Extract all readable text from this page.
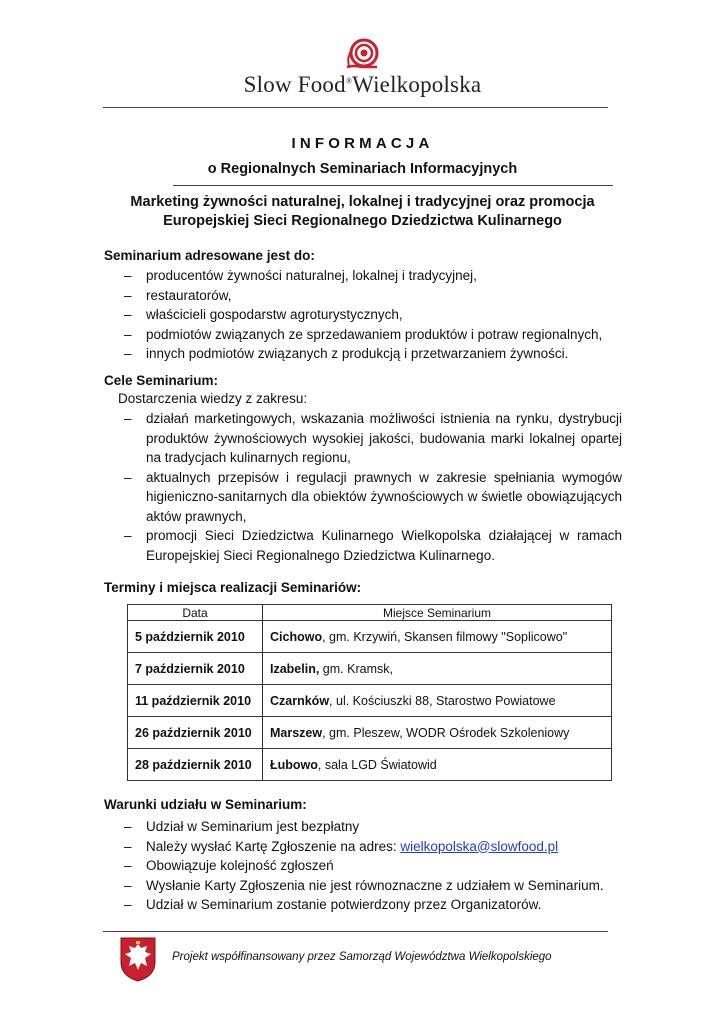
Slow Food®Wielkopolska
INFORMACJA
o Regionalnych Seminariach Informacyjnych
Marketing żywności naturalnej, lokalnej i tradycyjnej oraz promocja
Europejskiej Sieci Regionalnego Dziedzictwa Kulinarnego
Seminarium adresowane jest do:
– producentów żywności naturalnej, lokalnej i tradycyjnej,
– restauratorów,
– właścicieli gospodarstw agroturystycznych,
– podmiotów związanych ze sprzedawaniem produktów i potraw regionalnych,
– innych podmiotów związanych z produkcją i przetwarzaniem żywności.
Cele Seminarium:
Dostarczenia wiedzy z zakresu:
– działań marketingowych, wskazania możliwości istnienia na rynku, dystrybucji produktów żywnościowych wysokiej jakości, budowania marki lokalnej opartej na tradycjach kulinarnych regionu,
– aktualnych przepisów i regulacji prawnych w zakresie spełniania wymogów higieniczno-sanitarnych dla obiektów żywnościowych w świetle obowiązujących aktów prawnych,
– promocji Sieci Dziedzictwa Kulinarnego Wielkopolska działającej w ramach Europejskiej Sieci Regionalnego Dziedzictwa Kulinarnego.
Terminy i miejsca realizacji Seminariów:
Data	Miejsce Seminarium
5 październik 2010	Cichowo, gm. Krzywiń, Skansen filmowy "Soplicowo"
7 październik 2010	Izabelin, gm. Kramsk,
11 październik 2010	Czarnków, ul. Kościuszki 88, Starostwo Powiatowe
26 październik 2010	Marszew, gm. Pleszew, WODR Ośrodek Szkoleniowy
28 październik 2010	Łubowo, sala LGD Światowid
Warunki udziału w Seminarium:
– Udział w Seminarium jest bezpłatny
– Należy wysłać Kartę Zgłoszenie na adres: wielkopolska@slowfood.pl
– Obowiązuje kolejność zgłoszeń
– Wysłanie Karty Zgłoszenia nie jest równoznaczne z udziałem w Seminarium.
– Udział w Seminarium zostanie potwierdzony przez Organizatorów.
Projekt współfinansowany przez Samorząd Województwa Wielkopolskiego
